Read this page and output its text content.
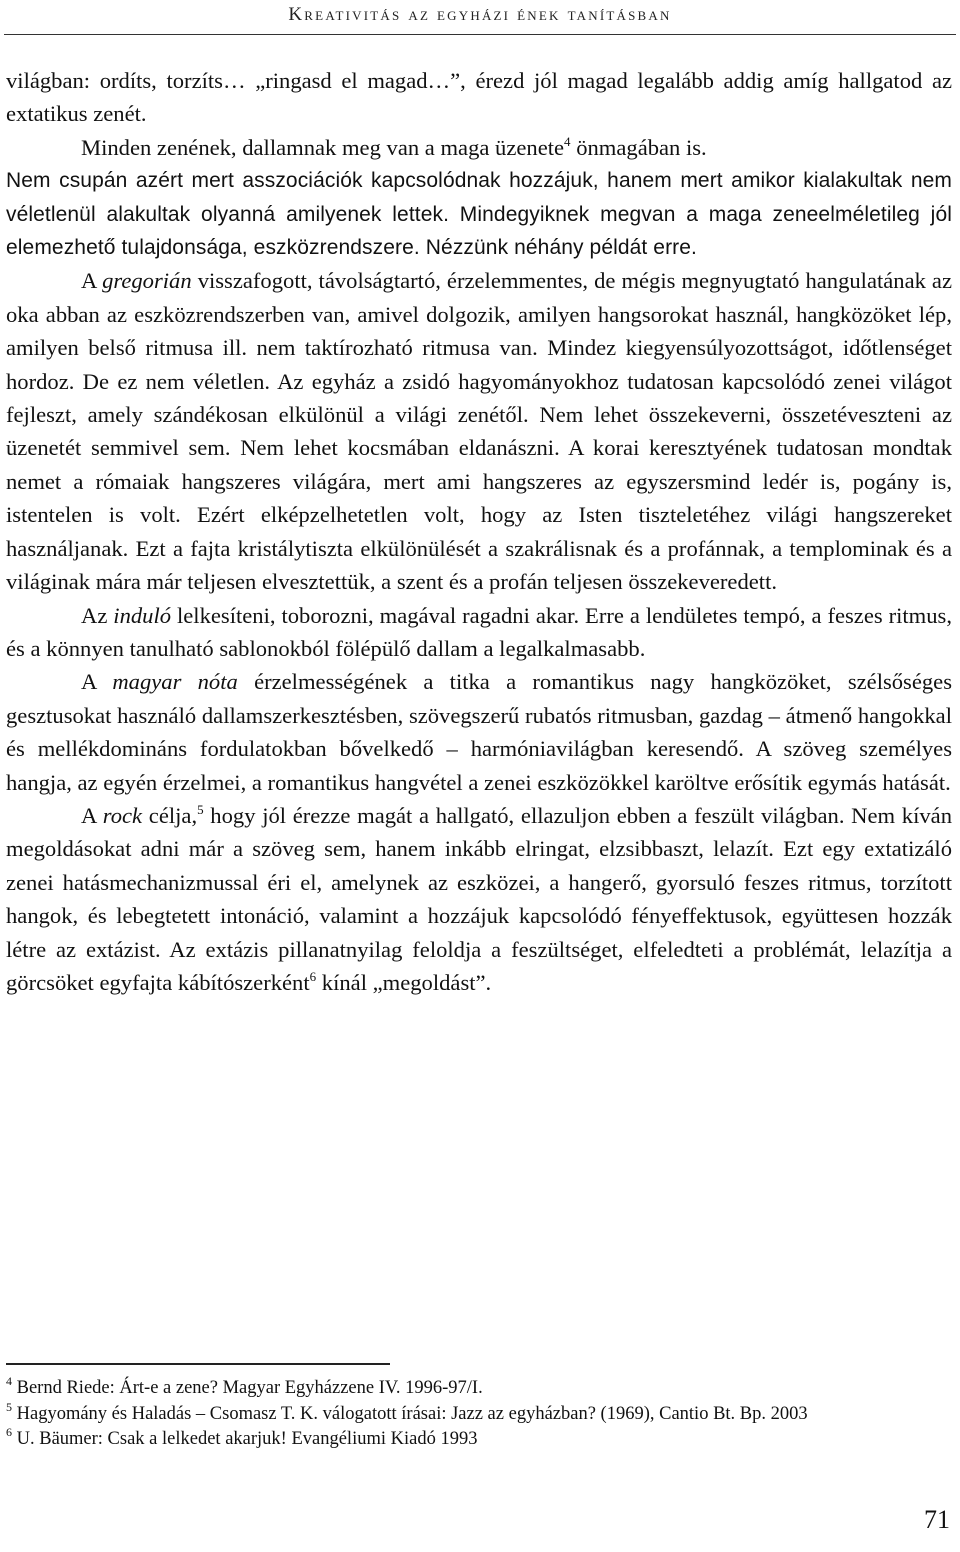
Kreativitás az egyházi ének tanításban

világban: ordíts, torzíts… „ringasd el magad…”, érezd jól magad legalább addig amíg hallgatod az extatikus zenét.

Minden zenének, dallamnak meg van a maga üzenete$^4$ önmagában is.

Nem csupán azért mert asszociációk kapcsolódnak hozzájuk, hanem mert amikor kialakultak nem véletlenül alakultak olyanná amilyenek lettek. Mindegyiknek megvan a maga zeneelméletileg jól elemezhető tulajdonsága, eszközrendszere. Nézzünk néhány példát erre.

A gregorián visszafogott, távolságtartó, érzelemmentes, de mégis megnyugtató hangulatának az oka abban az eszközrendszerben van, amivel dolgozik, amilyen hangsorokat használ, hangközöket lép, amilyen belső ritmusa ill. nem taktírozható ritmusa van. Mindez kiegyensúlyozottságot, időtlenséget hordoz. De ez nem véletlen. Az egyház a zsidó hagyományokhoz tudatosan kapcsolódó zenei világot fejleszt, amely szándékosan elkülönül a világi zenétől. Nem lehet összekeverni, összetéveszteni az üzenetét semmivel sem. Nem lehet kocsmában eldanászni. A korai keresztyének tudatosan mondtak nemet a rómaiak hangszeres világára, mert ami hangszeres az egyszersmind ledér is, pogány is, istentelen is volt. Ezért elképzelhetetlen volt, hogy az Isten tiszteletéhez világi hangszereket használjanak. Ezt a fajta kristálytiszta elkülönülését a szakrálisnak és a profánnak, a templominak és a világinak mára már teljesen elvesztettük, a szent és a profán teljesen összekeveredett.

Az induló lelkesíteni, toborozni, magával ragadni akar. Erre a lendületes tempó, a feszes ritmus, és a könnyen tanulható sablonokból fölépülő dallam a legalkalmasabb.

A magyar nóta érzelmességének a titka a romantikus nagy hangközöket, szélsőséges gesztusokat használó dallamszerkesztésben, szövegszerű rubatós ritmusban, gazdag – átmenő hangokkal és mellékdomináns fordulatokban bővelkedő – harmóniavilágban keresendő. A szöveg személyes hangja, az egyén érzelmei, a romantikus hangvétel a zenei eszközökkel karöltve erősítik egymás hatását.

A rock célja,$^5$ hogy jól érezze magát a hallgató, ellazuljon ebben a feszült világban. Nem kíván megoldásokat adni már a szöveg sem, hanem inkább elringat, elzsibbaszt, lelazít. Ezt egy extatizáló zenei hatásmechanizmussal éri el, amelynek az eszközei, a hangerő, gyorsuló feszes ritmus, torzított hangok, és lebegtetett intonáció, valamint a hozzájuk kapcsolódó fényeffektusok, együttesen hozzák létre az extázist. Az extázis pillanatnyilag feloldja a feszültséget, elfeledteti a problémát, lelazítja a görcsöket egyfajta kábítószerként$^6$ kínál „megoldást”.

$^4$ Bernd Riede: Árt-e a zene? Magyar Egyházzene IV. 1996-97/I.

$^5$ Hagyomány és Haladás – Csomasz T. K. válogatott írásai: Jazz az egyházban? (1969), Cantio Bt. Bp. 2003

$^6$ U. Bäumer: Csak a lelkedet akarjuk! Evangéliumi Kiadó 1993

71
